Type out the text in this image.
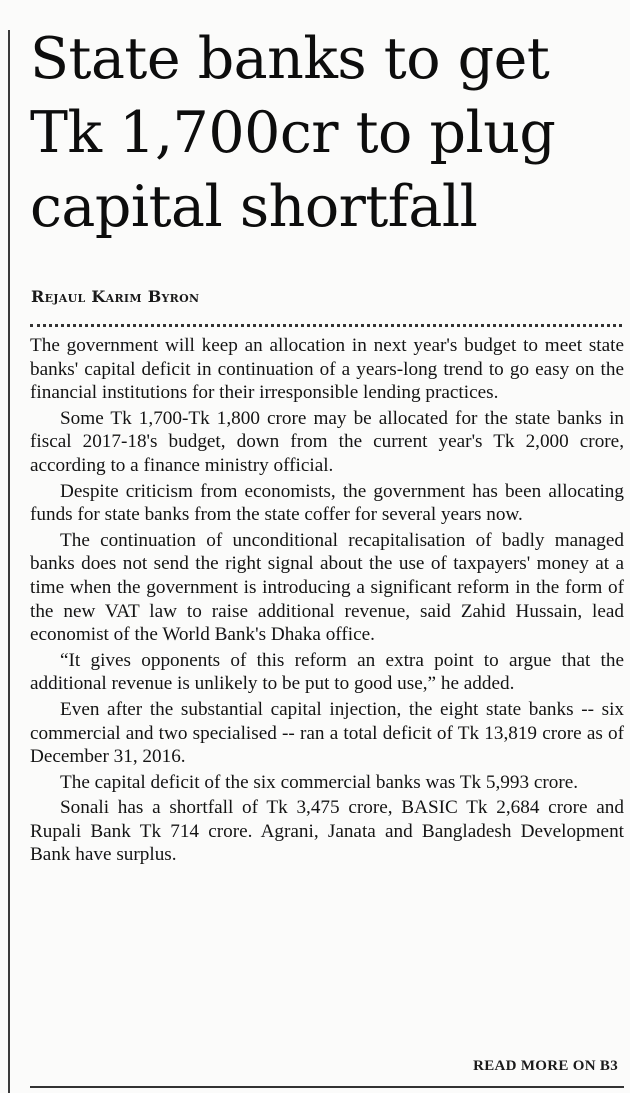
State banks to get Tk 1,700cr to plug capital shortfall
Rejaul Karim Byron

The government will keep an allocation in next year's budget to meet state banks' capital deficit in continuation of a years-long trend to go easy on the financial institutions for their irresponsible lending practices.

Some Tk 1,700-Tk 1,800 crore may be allocated for the state banks in fiscal 2017-18's budget, down from the current year's Tk 2,000 crore, according to a finance ministry official.

Despite criticism from economists, the government has been allocating funds for state banks from the state coffer for several years now.

The continuation of unconditional recapitalisation of badly managed banks does not send the right signal about the use of taxpayers' money at a time when the government is introducing a significant reform in the form of the new VAT law to raise additional revenue, said Zahid Hussain, lead economist of the World Bank's Dhaka office.

“It gives opponents of this reform an extra point to argue that the additional revenue is unlikely to be put to good use,” he added.

Even after the substantial capital injection, the eight state banks -- six commercial and two specialised -- ran a total deficit of Tk 13,819 crore as of December 31, 2016.

The capital deficit of the six commercial banks was Tk 5,993 crore.

Sonali has a shortfall of Tk 3,475 crore, BASIC Tk 2,684 crore and Rupali Bank Tk 714 crore. Agrani, Janata and Bangladesh Development Bank have surplus.

READ MORE ON B3
